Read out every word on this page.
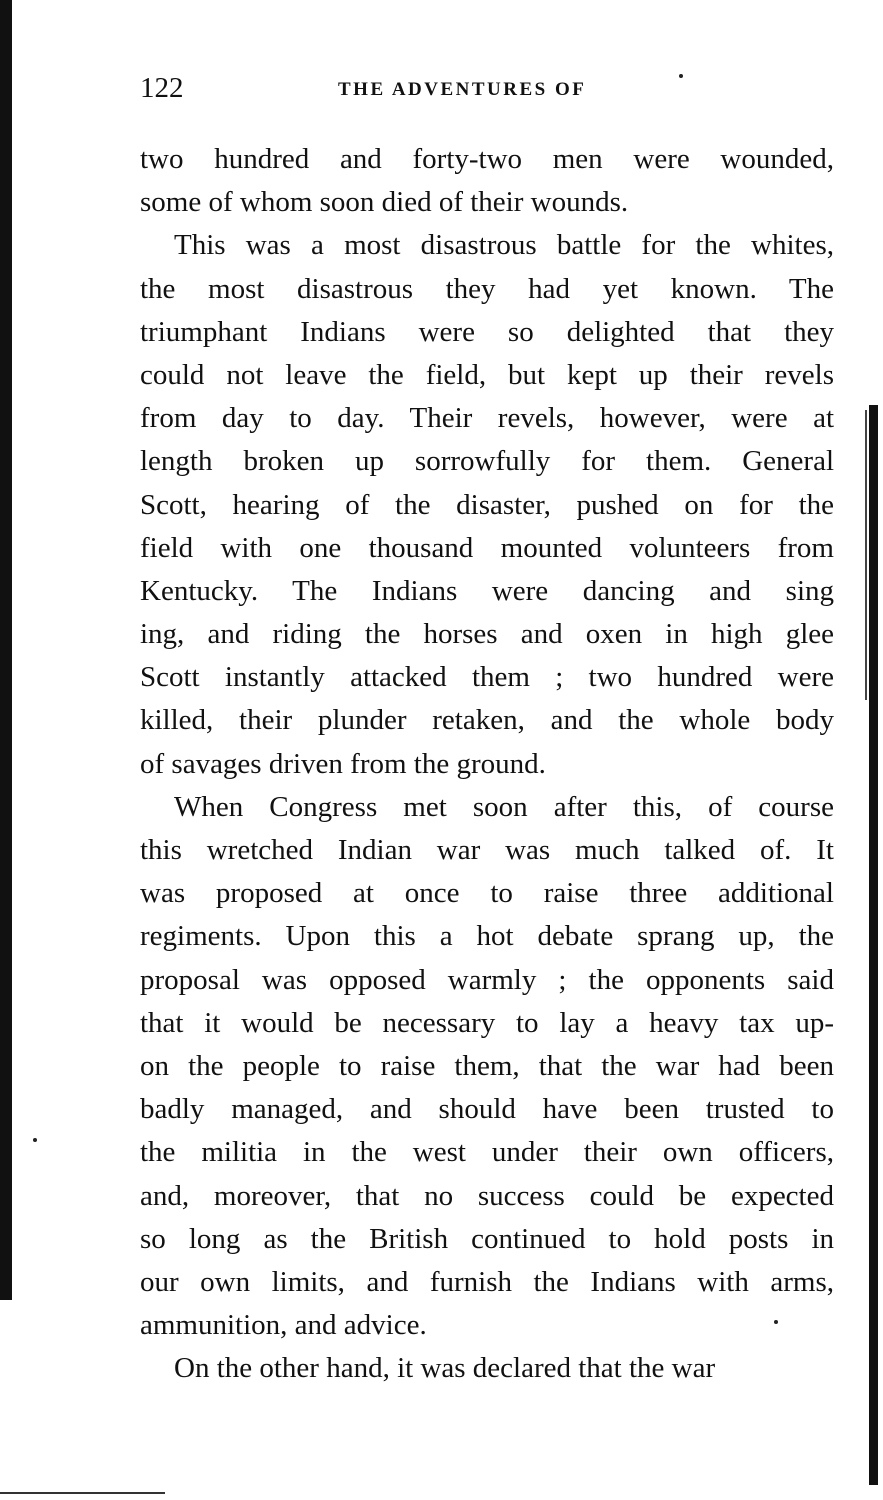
122	THE ADVENTURES OF
two hundred and forty-two men were wounded,
some of whom soon died of their wounds.
This was a most disastrous battle for the whites,
the most disastrous they had yet known. The
triumphant Indians were so delighted that they
could not leave the field, but kept up their revels
from day to day. Their revels, however, were at
length broken up sorrowfully for them. General
Scott, hearing of the disaster, pushed on for the
field with one thousand mounted volunteers from
Kentucky. The Indians were dancing and sing
ing, and riding the horses and oxen in high glee
Scott instantly attacked them ; two hundred were
killed, their plunder retaken, and the whole body
of savages driven from the ground.
When Congress met soon after this, of course
this wretched Indian war was much talked of. It
was proposed at once to raise three additional
regiments. Upon this a hot debate sprang up, the
proposal was opposed warmly ; the opponents said
that it would be necessary to lay a heavy tax up-
on the people to raise them, that the war had been
badly managed, and should have been trusted to
the militia in the west under their own officers,
and, moreover, that no success could be expected
so long as the British continued to hold posts in
our own limits, and furnish the Indians with arms,
ammunition, and advice.
On the other hand, it was declared that the war
